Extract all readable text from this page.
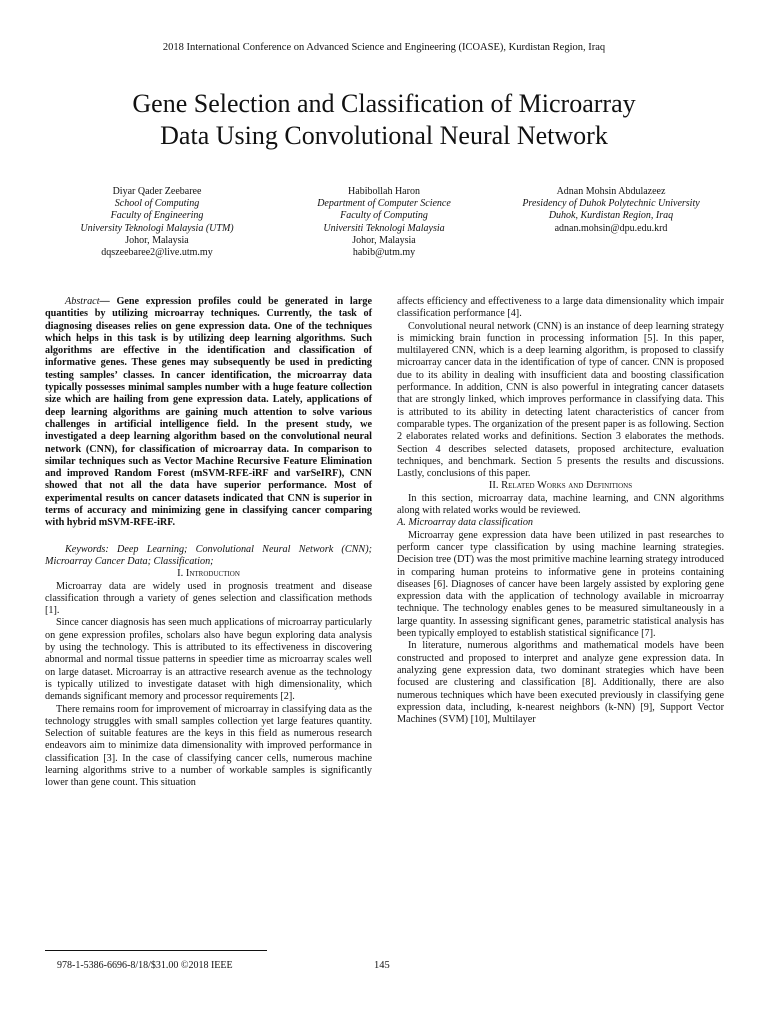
2018 International Conference on Advanced Science and Engineering (ICOASE), Kurdistan Region, Iraq
Gene Selection and Classification of Microarray
Data Using Convolutional Neural Network
Diyar Qader Zeebaree
School of Computing
Faculty of Engineering
University Teknologi Malaysia (UTM)
Johor, Malaysia
dqszeebaree2@live.utm.my
Habibollah Haron
Department of Computer Science
Faculty of Computing
Universiti Teknologi Malaysia
Johor, Malaysia
habib@utm.my
Adnan Mohsin Abdulazeez
Presidency of Duhok Polytechnic University
Duhok, Kurdistan Region, Iraq
adnan.mohsin@dpu.edu.krd

Abstract— Gene expression profiles could be generated in large quantities by utilizing microarray techniques. Currently, the task of diagnosing diseases relies on gene expression data. One of the techniques which helps in this task is by utilizing deep learning algorithms. Such algorithms are effective in the identification and classification of informative genes. These genes may subsequently be used in predicting testing samples’ classes. In cancer identification, the microarray data typically possesses minimal samples number with a huge feature collection size which are hailing from gene expression data. Lately, applications of deep learning algorithms are gaining much attention to solve various challenges in artificial intelligence field. In the present study, we investigated a deep learning algorithm based on the convolutional neural network (CNN), for classification of microarray data. In comparison to similar techniques such as Vector Machine Recursive Feature Elimination and improved Random Forest (mSVM-RFE-iRF and varSeIRF), CNN showed that not all the data have superior performance. Most of experimental results on cancer datasets indicated that CNN is superior in terms of accuracy and minimizing gene in classifying cancer comparing with hybrid mSVM-RFE-iRF.

Keywords: Deep Learning; Convolutional Neural Network (CNN); Microarray Cancer Data; Classification;

I. Introduction

Microarray data are widely used in prognosis treatment and disease classification through a variety of genes selection and classification methods [1].

Since cancer diagnosis has seen much applications of microarray particularly on gene expression profiles, scholars also have begun exploring data analysis by using the technology. This is attributed to its effectiveness in discovering abnormal and normal tissue patterns in speedier time as microarray scales well on large dataset. Microarray is an attractive research avenue as the technology is typically utilized to investigate dataset with high dimensionality, which demands significant memory and processor requirements [2].

There remains room for improvement of microarray in classifying data as the technology struggles with small samples collection yet large features quantity. Selection of suitable features are the keys in this field as numerous research endeavors aim to minimize data dimensionality with improved performance in classification [3]. In the case of classifying cancer cells, numerous machine learning algorithms strive to a number of workable samples is significantly lower than gene count. This situation

affects efficiency and effectiveness to a large data dimensionality which impair classification performance [4].

Convolutional neural network (CNN) is an instance of deep learning strategy is mimicking brain function in processing information [5]. In this paper, multilayered CNN, which is a deep learning algorithm, is proposed to classify microarray cancer data in the identification of type of cancer. CNN is proposed due to its ability in dealing with insufficient data and boosting classification performance. In addition, CNN is also powerful in integrating cancer datasets that are strongly linked, which improves performance in classifying data. This is attributed to its ability in detecting latent characteristics of cancer from comparable types. The organization of the present paper is as following. Section 2 elaborates related works and definitions. Section 3 elaborates the methods. Section 4 describes selected datasets, proposed architecture, evaluation techniques, and benchmark. Section 5 presents the results and discussions. Lastly, conclusions of this paper.

II. Related Works and Definitions

In this section, microarray data, machine learning, and CNN algorithms along with related works would be reviewed.

A. Microarray data classification

Microarray gene expression data have been utilized in past researches to perform cancer type classification by using machine learning strategies. Decision tree (DT) was the most primitive machine learning strategy introduced in comparing human proteins to informative gene in proteins containing diseases [6]. Diagnoses of cancer have been largely assisted by exploring gene expression data with the application of technology available in microarray technique. The technology enables genes to be measured simultaneously in a large quantity. In assessing significant genes, parametric statistical analysis has been typically employed to establish statistical significance [7].

In literature, numerous algorithms and mathematical models have been constructed and proposed to interpret and analyze gene expression data. In analyzing gene expression data, two dominant strategies which have been focused are clustering and classification [8]. Additionally, there are also numerous techniques which have been executed previously in classifying gene expression data, including, k-nearest neighbors (k-NN) [9], Support Vector Machines (SVM) [10], Multilayer

978-1-5386-6696-8/18/$31.00 ©2018 IEEE	145
